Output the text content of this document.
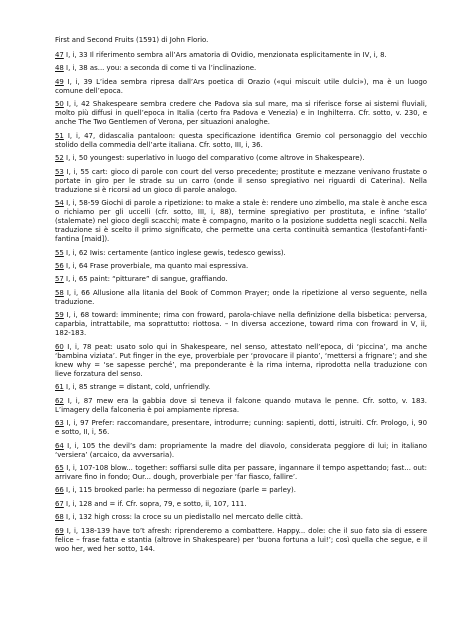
First and Second Fruits (1591) di John Florio.

47 I, i, 33 Il riferimento sembra all’Ars amatoria di Ovidio, menzionata esplicitamente in IV, i, 8.

48 I, i, 38 as... you: a seconda di come ti va l’inclinazione.

49 I, i, 39 L’idea sembra ripresa dall’Ars poetica di Orazio («qui miscuit utile dulci»), ma è un luogo comune dell’epoca.

50 I, i, 42 Shakespeare sembra credere che Padova sia sul mare, ma si riferisce forse ai sistemi fluviali, molto più diffusi in quell’epoca in Italia (certo fra Padova e Venezia) e in Inghilterra. Cfr. sotto, v. 230, e anche The Two Gentlemen of Verona, per situazioni analoghe.

51 I, i, 47, didascalia pantaloon: questa specificazione identifica Gremio col personaggio del vecchio stolido della commedia dell’arte italiana. Cfr. sotto, III, i, 36.

52 I, i, 50 youngest: superlativo in luogo del comparativo (come altrove in Shakespeare).

53 I, i, 55 cart: gioco di parole con court del verso precedente; prostitute e mezzane venivano frustate o portate in giro per le strade su un carro (onde il senso spregiativo nei riguardi di Caterina). Nella traduzione si è ricorsi ad un gioco di parole analogo.

54 I, i, 58-59 Giochi di parole a ripetizione: to make a stale è: rendere uno zimbello, ma stale è anche esca o richiamo per gli uccelli (cfr. sotto, III, i, 88), termine spregiativo per prostituta, e infine ‘stallo’ (stalemate) nel gioco degli scacchi; mate è compagno, marito o la posizione suddetta negli scacchi. Nella traduzione si è scelto il primo significato, che permette una certa continuità semantica (lestofanti-fanti-fantina [maid]).

55 I, i, 62 Iwis: certamente (antico inglese gewis, tedesco gewiss).

56 I, i, 64 Frase proverbiale, ma quanto mai espressiva.

57 I, i, 65 paint: “pitturare” di sangue, graffiando.

58 I, i, 66 Allusione alla litania del Book of Common Prayer; onde la ripetizione al verso seguente, nella traduzione.

59 I, i, 68 toward: imminente; rima con froward, parola-chiave nella definizione della bisbetica: perversa, caparbia, intrattabile, ma soprattutto: riottosa. – In diversa accezione, toward rima con froward in V, ii, 182-183.

60 I, i, 78 peat: usato solo qui in Shakespeare, nel senso, attestato nell’epoca, di ‘piccina’, ma anche ‘bambina viziata’. Put finger in the eye, proverbiale per ‘provocare il pianto’, ‘mettersi a frignare’; and she knew why = ‘se sapesse perché’, ma preponderante è la rima interna, riprodotta nella traduzione con lieve forzatura del senso.

61 I, i, 85 strange = distant, cold, unfriendly.

62 I, i, 87 mew era la gabbia dove si teneva il falcone quando mutava le penne. Cfr. sotto, v. 183. L’imagery della falconeria è poi ampiamente ripresa.

63 I, i, 97 Prefer: raccomandare, presentare, introdurre; cunning: sapienti, dotti, istruiti. Cfr. Prologo, i, 90 e sotto, II, i, 56.

64 I, i, 105 the devil’s dam: propriamente la madre del diavolo, considerata peggiore di lui; in italiano ‘versiera’ (arcaico, da avversaria).

65 I, i, 107-108 blow... together: soffiarsi sulle dita per passare, ingannare il tempo aspettando; fast... out: arrivare fino in fondo; Our... dough, proverbiale per ‘far fiasco, fallire’.

66 I, i, 115 brooked parle: ha permesso di negoziare (parle = parley).

67 I, i, 128 and = if. Cfr. sopra, 79, e sotto, ii, 107, 111.

68 I, i, 132 high cross: la croce su un piedistallo nel mercato delle città.

69 I, i, 138-139 have to’t afresh: riprenderemo a combattere. Happy... dole: che il suo fato sia di essere felice – frase fatta e stantia (altrove in Shakespeare) per ‘buona fortuna a lui!’; così quella che segue, e il woo her, wed her sotto, 144.
